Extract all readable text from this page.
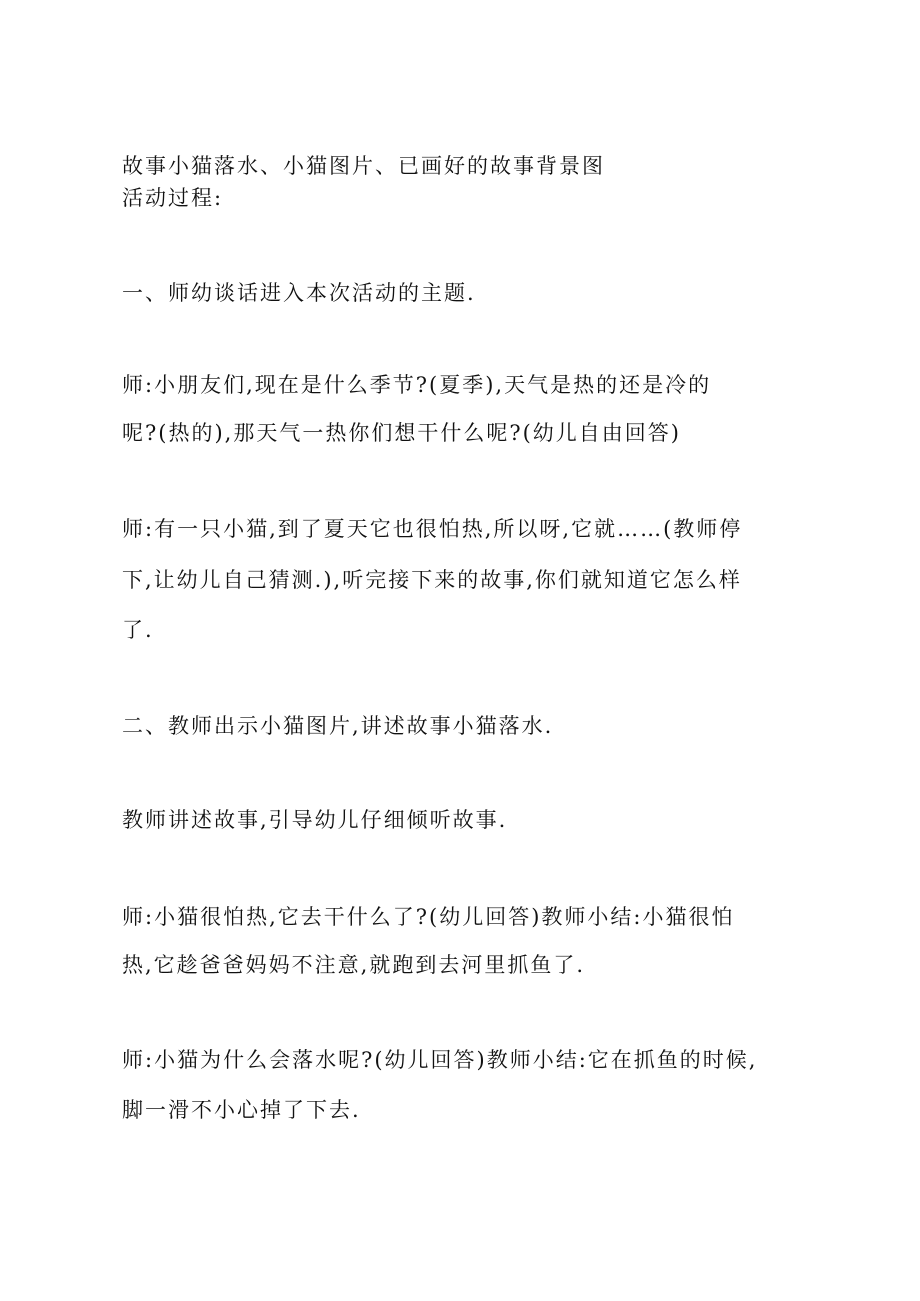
故事小猫落水、小猫图片、已画好的故事背景图
活动过程:
一、师幼谈话进入本次活动的主题.
师:小朋友们,现在是什么季节?(夏季),天气是热的还是冷的
呢?(热的),那天气一热你们想干什么呢?(幼儿自由回答)
师:有一只小猫,到了夏天它也很怕热,所以呀,它就……(教师停
下,让幼儿自己猜测.),听完接下来的故事,你们就知道它怎么样
了.
二、教师出示小猫图片,讲述故事小猫落水.
教师讲述故事,引导幼儿仔细倾听故事.
师:小猫很怕热,它去干什么了?(幼儿回答)教师小结:小猫很怕
热,它趁爸爸妈妈不注意,就跑到去河里抓鱼了.
师:小猫为什么会落水呢?(幼儿回答)教师小结:它在抓鱼的时候,
脚一滑不小心掉了下去.
